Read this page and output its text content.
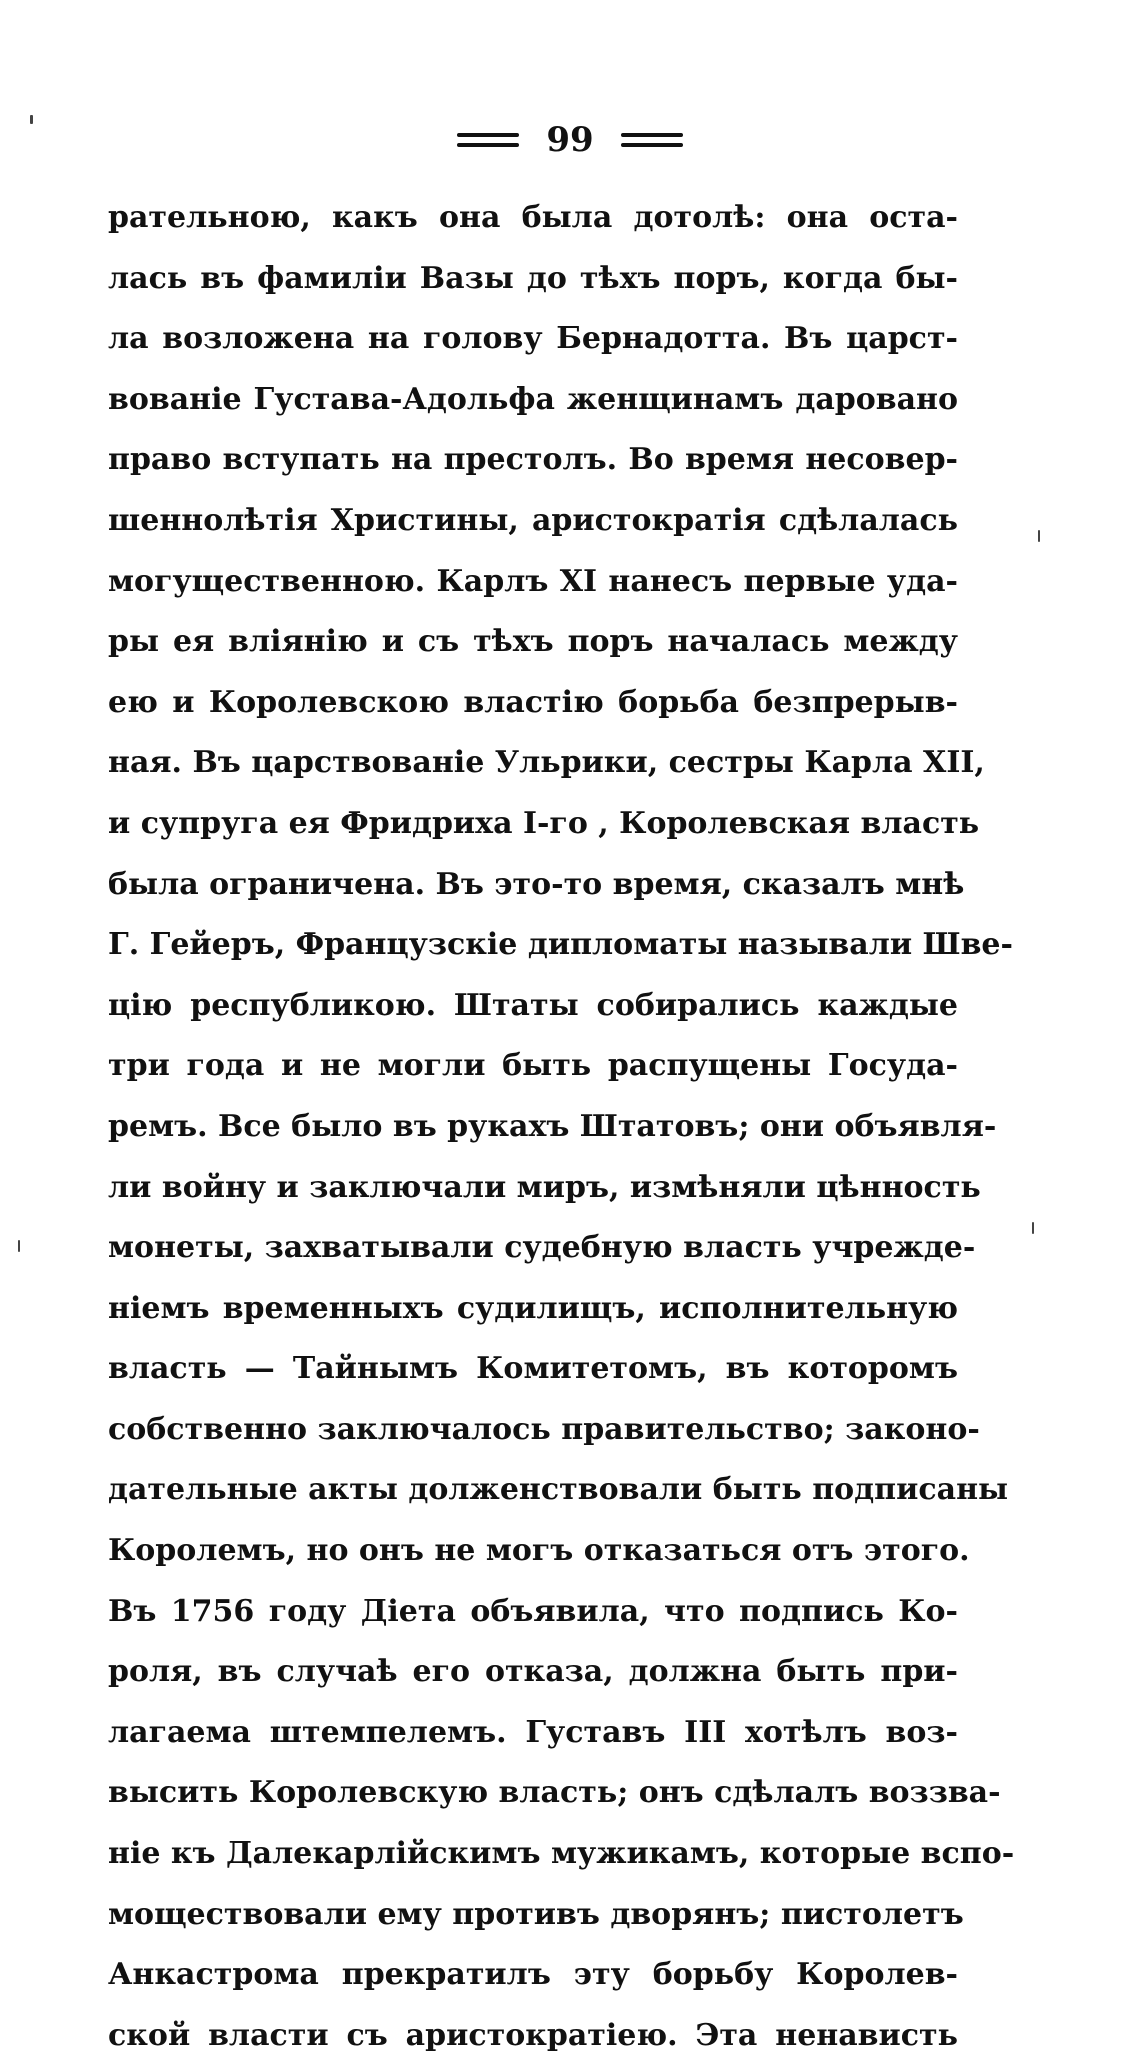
99
рательною, какъ она была дотолѣ: она оста-
лась въ фамиліи Вазы до тѣхъ поръ, когда бы-
ла возложена на голову Бернадотта. Въ царст-
вованіе Густава-Адольфа женщинамъ даровано
право вступать на престолъ. Во время несовер-
шеннолѣтія Христины, аристократія сдѣлалась
могущественною. Карлъ XI нанесъ первые уда-
ры ея вліянію и съ тѣхъ поръ началась между
ею и Королевскою властію борьба безпрерыв-
ная. Въ царствованіе Ульрики, сестры Карла XII,
и супруга ея Фридриха I-го , Королевская власть
была ограничена. Въ это-то время, сказалъ мнѣ
Г. Гейеръ, Французскіе дипломаты называли Шве-
цію республикою. Штаты собирались каждые
три года и не могли быть распущены Госуда-
ремъ. Все было въ рукахъ Штатовъ; они объявля-
ли войну и заключали миръ, измѣняли цѣнность
монеты, захватывали судебную власть учрежде-
ніемъ временныхъ судилищъ, исполнительную
власть — Тайнымъ Комитетомъ, въ которомъ
собственно заключалось правительство; законо-
дательные акты долженствовали быть подписаны
Королемъ, но онъ не могъ отказаться отъ этого.
Въ 1756 году Діета объявила, что подпись Ко-
роля, въ случаѣ его отказа, должна быть при-
лагаема штемпелемъ. Густавъ III хотѣлъ воз-
высить Королевскую власть; онъ сдѣлалъ воззва-
ніе къ Далекарлійскимъ мужикамъ, которые вспо-
моществовали ему противъ дворянъ; пистолетъ
Анкастрома прекратилъ эту борьбу Королев-
ской власти съ аристократіею. Эта ненависть
